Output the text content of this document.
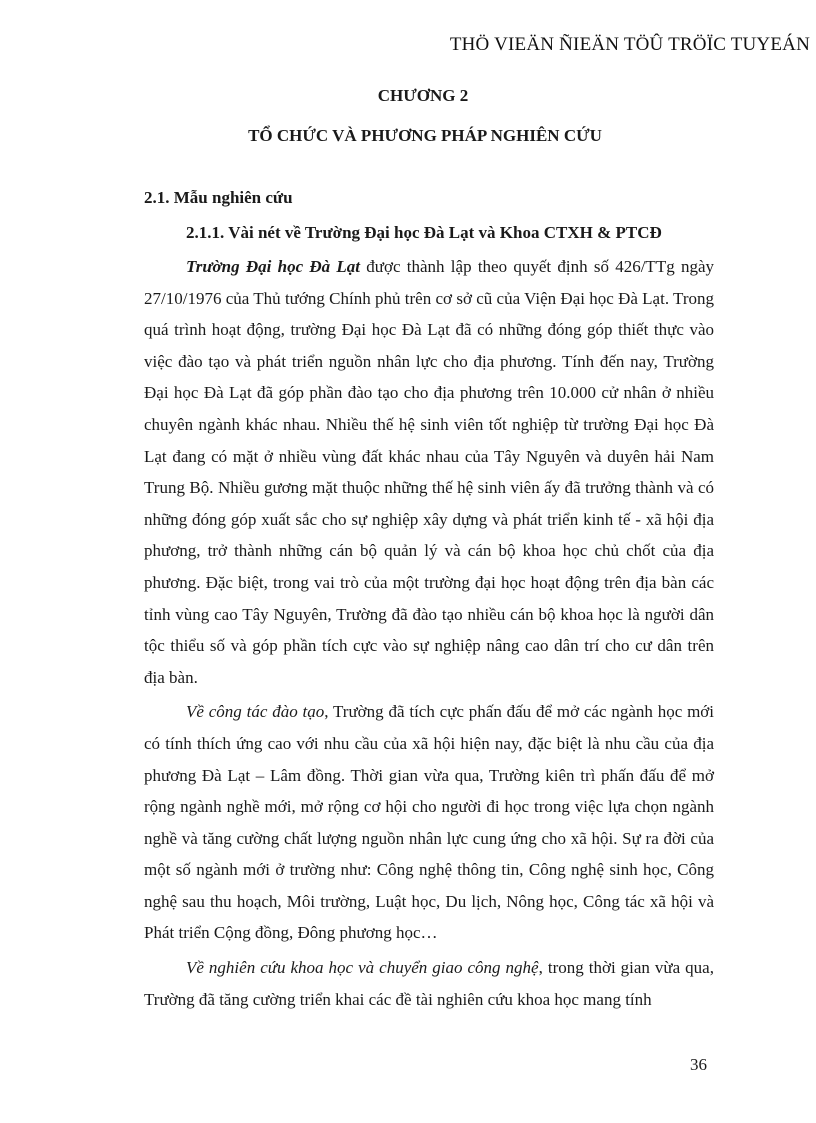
THÖ VIEÄN ÑIEÄN TÖÛ TRÖÏC TUYEÁN
CHƯƠNG 2
TỔ CHỨC VÀ PHƯƠNG PHÁP NGHIÊN CỨU
2.1. Mẫu nghiên cứu
2.1.1. Vài nét về Trường Đại học Đà Lạt và Khoa CTXH & PTCĐ

Trường Đại học Đà Lạt được thành lập theo quyết định số 426/TTg ngày 27/10/1976 của Thủ tướng Chính phủ trên cơ sở cũ của Viện Đại học Đà Lạt. Trong quá trình hoạt động, trường Đại học Đà Lạt đã có những đóng góp thiết thực vào việc đào tạo và phát triển nguồn nhân lực cho địa phương. Tính đến nay, Trường Đại học Đà Lạt đã góp phần đào tạo cho địa phương trên 10.000 cử nhân ở nhiều chuyên ngành khác nhau. Nhiều thế hệ sinh viên tốt nghiệp từ trường Đại học Đà Lạt đang có mặt ở nhiều vùng đất khác nhau của Tây Nguyên và duyên hải Nam Trung Bộ. Nhiều gương mặt thuộc những thế hệ sinh viên ấy đã trưởng thành và có những đóng góp xuất sắc cho sự nghiệp xây dựng và phát triển kinh tế - xã hội địa phương, trở thành những cán bộ quản lý và cán bộ khoa học chủ chốt của địa phương. Đặc biệt, trong vai trò của một trường đại học hoạt động trên địa bàn các tỉnh vùng cao Tây Nguyên, Trường đã đào tạo nhiều cán bộ khoa học là người dân tộc thiểu số và góp phần tích cực vào sự nghiệp nâng cao dân trí cho cư dân trên địa bàn.

Về công tác đào tạo, Trường đã tích cực phấn đấu để mở các ngành học mới có tính thích ứng cao với nhu cầu của xã hội hiện nay, đặc biệt là nhu cầu của địa phương Đà Lạt – Lâm đồng. Thời gian vừa qua, Trường kiên trì phấn đấu để mở rộng ngành nghề mới, mở rộng cơ hội cho người đi học trong việc lựa chọn ngành nghề và tăng cường chất lượng nguồn nhân lực cung ứng cho xã hội. Sự ra đời của một số ngành mới ở trường như: Công nghệ thông tin, Công nghệ sinh học, Công nghệ sau thu hoạch, Môi trường, Luật học, Du lịch, Nông học, Công tác xã hội và Phát triển Cộng đồng, Đông phương học…

Về nghiên cứu khoa học và chuyển giao công nghệ, trong thời gian vừa qua, Trường đã tăng cường triển khai các đề tài nghiên cứu khoa học mang tính

36
